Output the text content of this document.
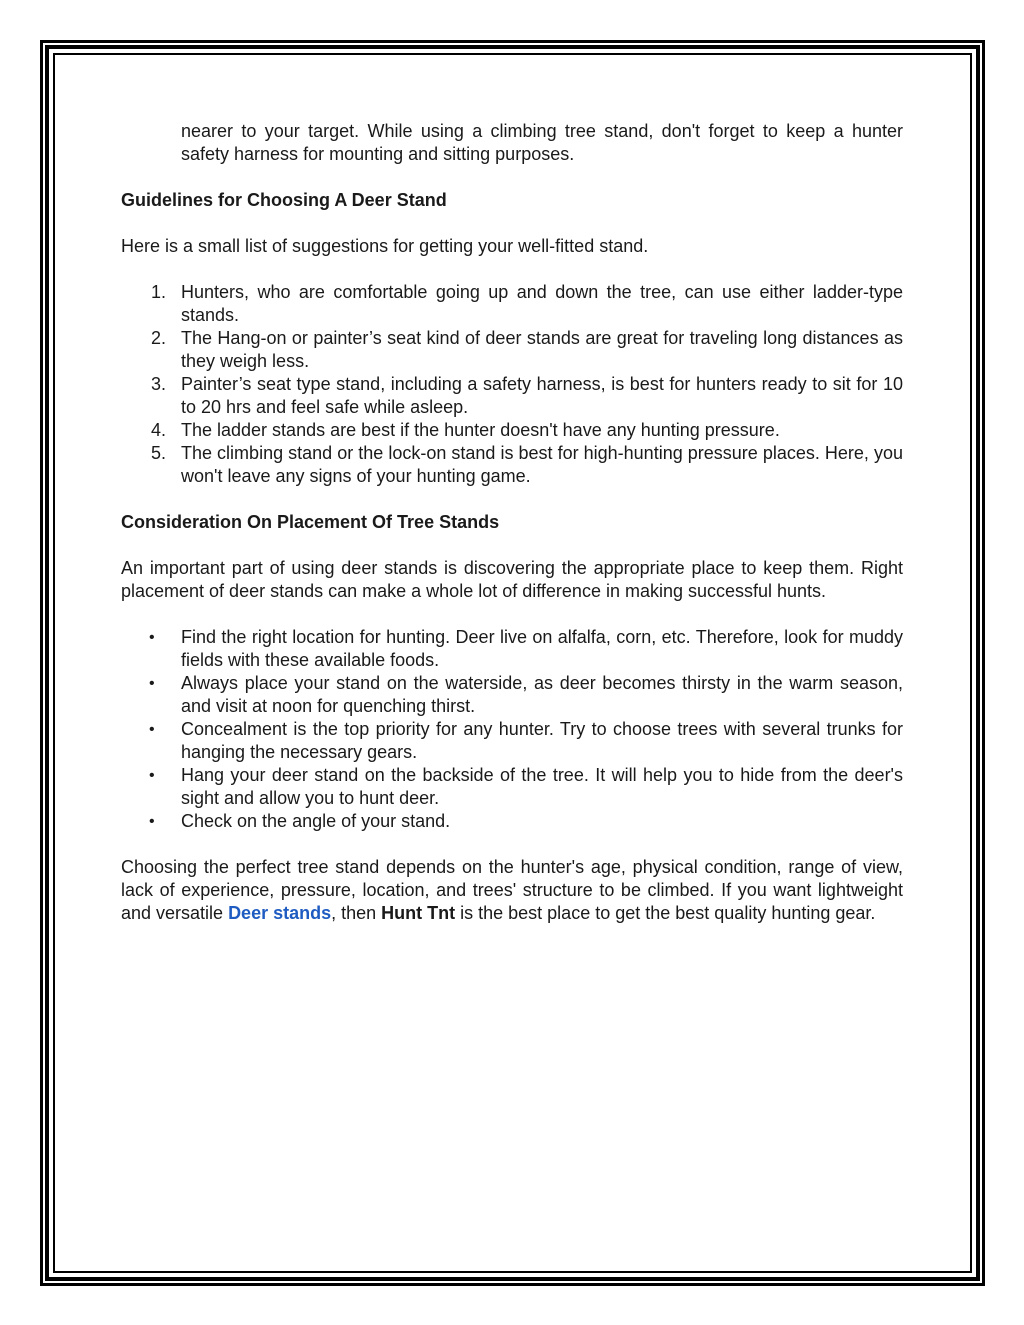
nearer to your target. While using a climbing tree stand, don't forget to keep a hunter safety harness for mounting and sitting purposes.

Guidelines for Choosing A Deer Stand

Here is a small list of suggestions for getting your well-fitted stand.

1. Hunters, who are comfortable going up and down the tree, can use either ladder-type stands.
2. The Hang-on or painter’s seat kind of deer stands are great for traveling long distances as they weigh less.
3. Painter’s seat type stand, including a safety harness, is best for hunters ready to sit for 10 to 20 hrs and feel safe while asleep.
4. The ladder stands are best if the hunter doesn't have any hunting pressure.
5. The climbing stand or the lock-on stand is best for high-hunting pressure places. Here, you won't leave any signs of your hunting game.

Consideration On Placement Of Tree Stands

An important part of using deer stands is discovering the appropriate place to keep them. Right placement of deer stands can make a whole lot of difference in making successful hunts.

• Find the right location for hunting. Deer live on alfalfa, corn, etc. Therefore, look for muddy fields with these available foods.
• Always place your stand on the waterside, as deer becomes thirsty in the warm season, and visit at noon for quenching thirst.
• Concealment is the top priority for any hunter. Try to choose trees with several trunks for hanging the necessary gears.
• Hang your deer stand on the backside of the tree. It will help you to hide from the deer's sight and allow you to hunt deer.
• Check on the angle of your stand.

Choosing the perfect tree stand depends on the hunter's age, physical condition, range of view, lack of experience, pressure, location, and trees' structure to be climbed. If you want lightweight and versatile Deer stands, then Hunt Tnt is the best place to get the best quality hunting gear.
